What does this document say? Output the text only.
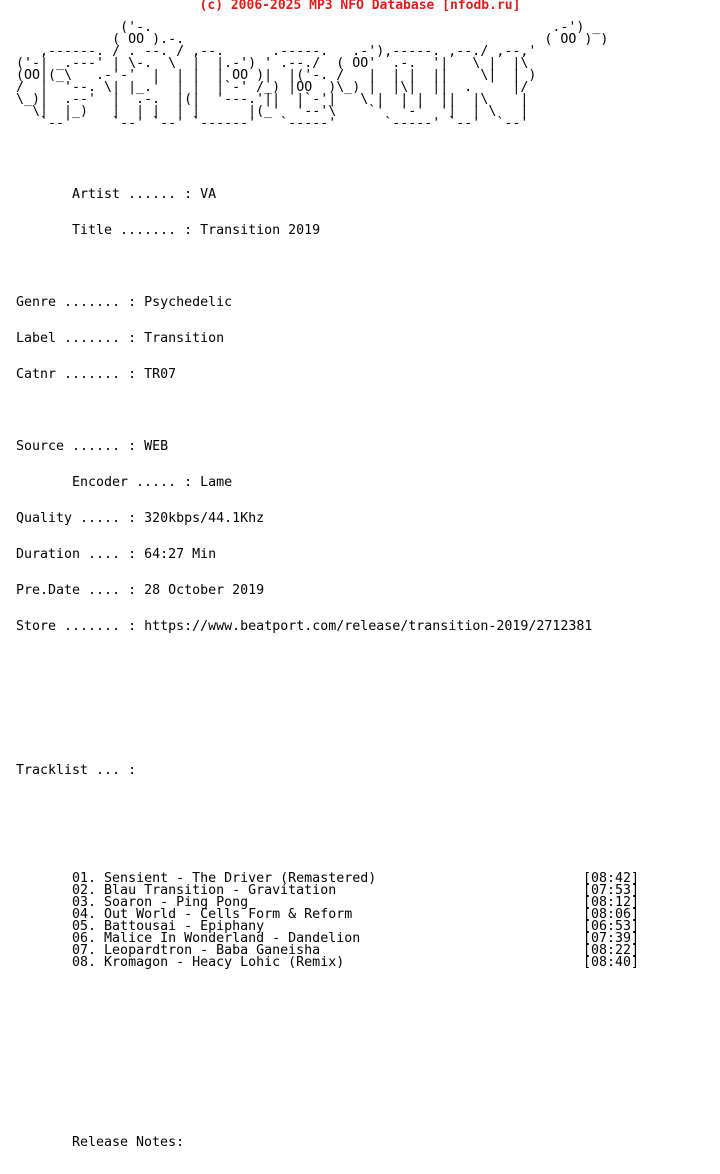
(c) 2006-2025 MP3 NFO Database [nfodb.ru]
('-.                                                  .-') _
( OO ).-.                                             ( OO ) )
,------. / . --. / ,--.      .-----.   .-'),-----. ,--./ ,--,'
('-| _.---' | \-.  \  |  |.-') ' .--./  ( OO'  .-.  '|   \ |  |\
(OO|(_\   .-'-'  |  | |  | OO )|  |('-. /   |  | |  ||    \|  | )
/  |  '--. \| |_.'  | |  |`-' /_) |OO  )\_) |  |\|  ||  .     |/
\_)|  .--'  |  .-.  |(|  '---.'||  |`-'|   \ |  | |  ||  |\    |
\|  |_)   |  | |  | |      |(_'  '--'\    `'  '-'  '|  | \   |
`--'     `--' `--' `------'   `-----'      `-----' `--'  `--'

Artist ...... : VA

Title ....... : Transition 2019

Genre ....... : Psychedelic

Label ....... : Transition

Catnr ....... : TR07

Source ...... : WEB

Encoder ..... : Lame

Quality ..... : 320kbps/44.1Khz

Duration .... : 64:27 Min

Pre.Date .... : 28 October 2019

Store ....... : https://www.beatport.com/release/transition-2019/2712381

Tracklist ... :

01. Sensient - The Driver (Remastered)	[08:42]
02. Blau Transition - Gravitation	[07:53]
03. Soaron - Ping Pong	[08:12]
04. Out World - Cells Form & Reform	[08:06]
05. Battousai - Epiphany	[06:53]
06. Malice In Wonderland - Dandelion	[07:39]
07. Leopardtron - Baba Ganeisha	[08:22]
08. Kromagon - Heacy Lohic (Remix)	[08:40]

Release Notes:
